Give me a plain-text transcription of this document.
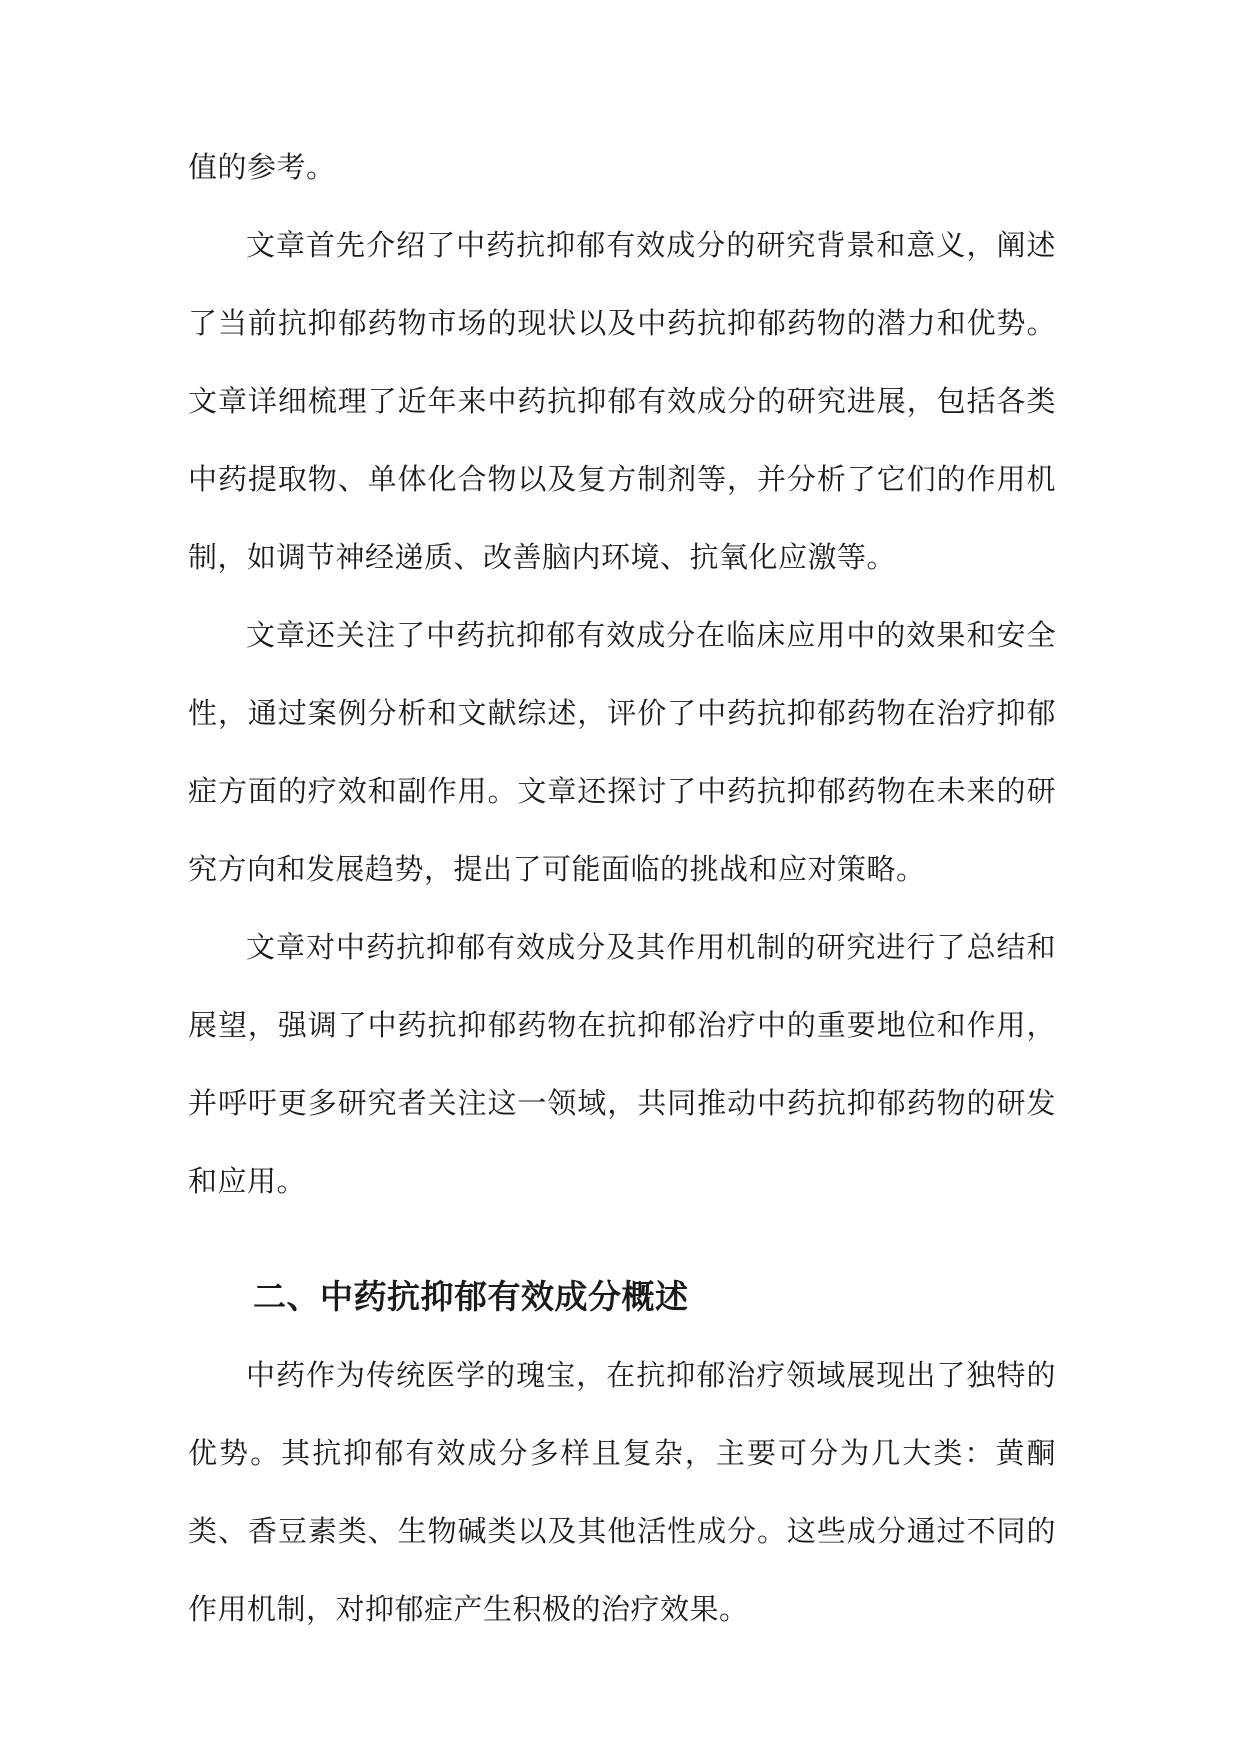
值的参考。

文章首先介绍了中药抗抑郁有效成分的研究背景和意义，阐述了当前抗抑郁药物市场的现状以及中药抗抑郁药物的潜力和优势。文章详细梳理了近年来中药抗抑郁有效成分的研究进展，包括各类中药提取物、单体化合物以及复方制剂等，并分析了它们的作用机制，如调节神经递质、改善脑内环境、抗氧化应激等。

文章还关注了中药抗抑郁有效成分在临床应用中的效果和安全性，通过案例分析和文献综述，评价了中药抗抑郁药物在治疗抑郁症方面的疗效和副作用。文章还探讨了中药抗抑郁药物在未来的研究方向和发展趋势，提出了可能面临的挑战和应对策略。

文章对中药抗抑郁有效成分及其作用机制的研究进行了总结和展望，强调了中药抗抑郁药物在抗抑郁治疗中的重要地位和作用，并呼吁更多研究者关注这一领域，共同推动中药抗抑郁药物的研发和应用。

二、中药抗抑郁有效成分概述

中药作为传统医学的瑰宝，在抗抑郁治疗领域展现出了独特的优势。其抗抑郁有效成分多样且复杂，主要可分为几大类：黄酮类、香豆素类、生物碱类以及其他活性成分。这些成分通过不同的作用机制，对抑郁症产生积极的治疗效果。
